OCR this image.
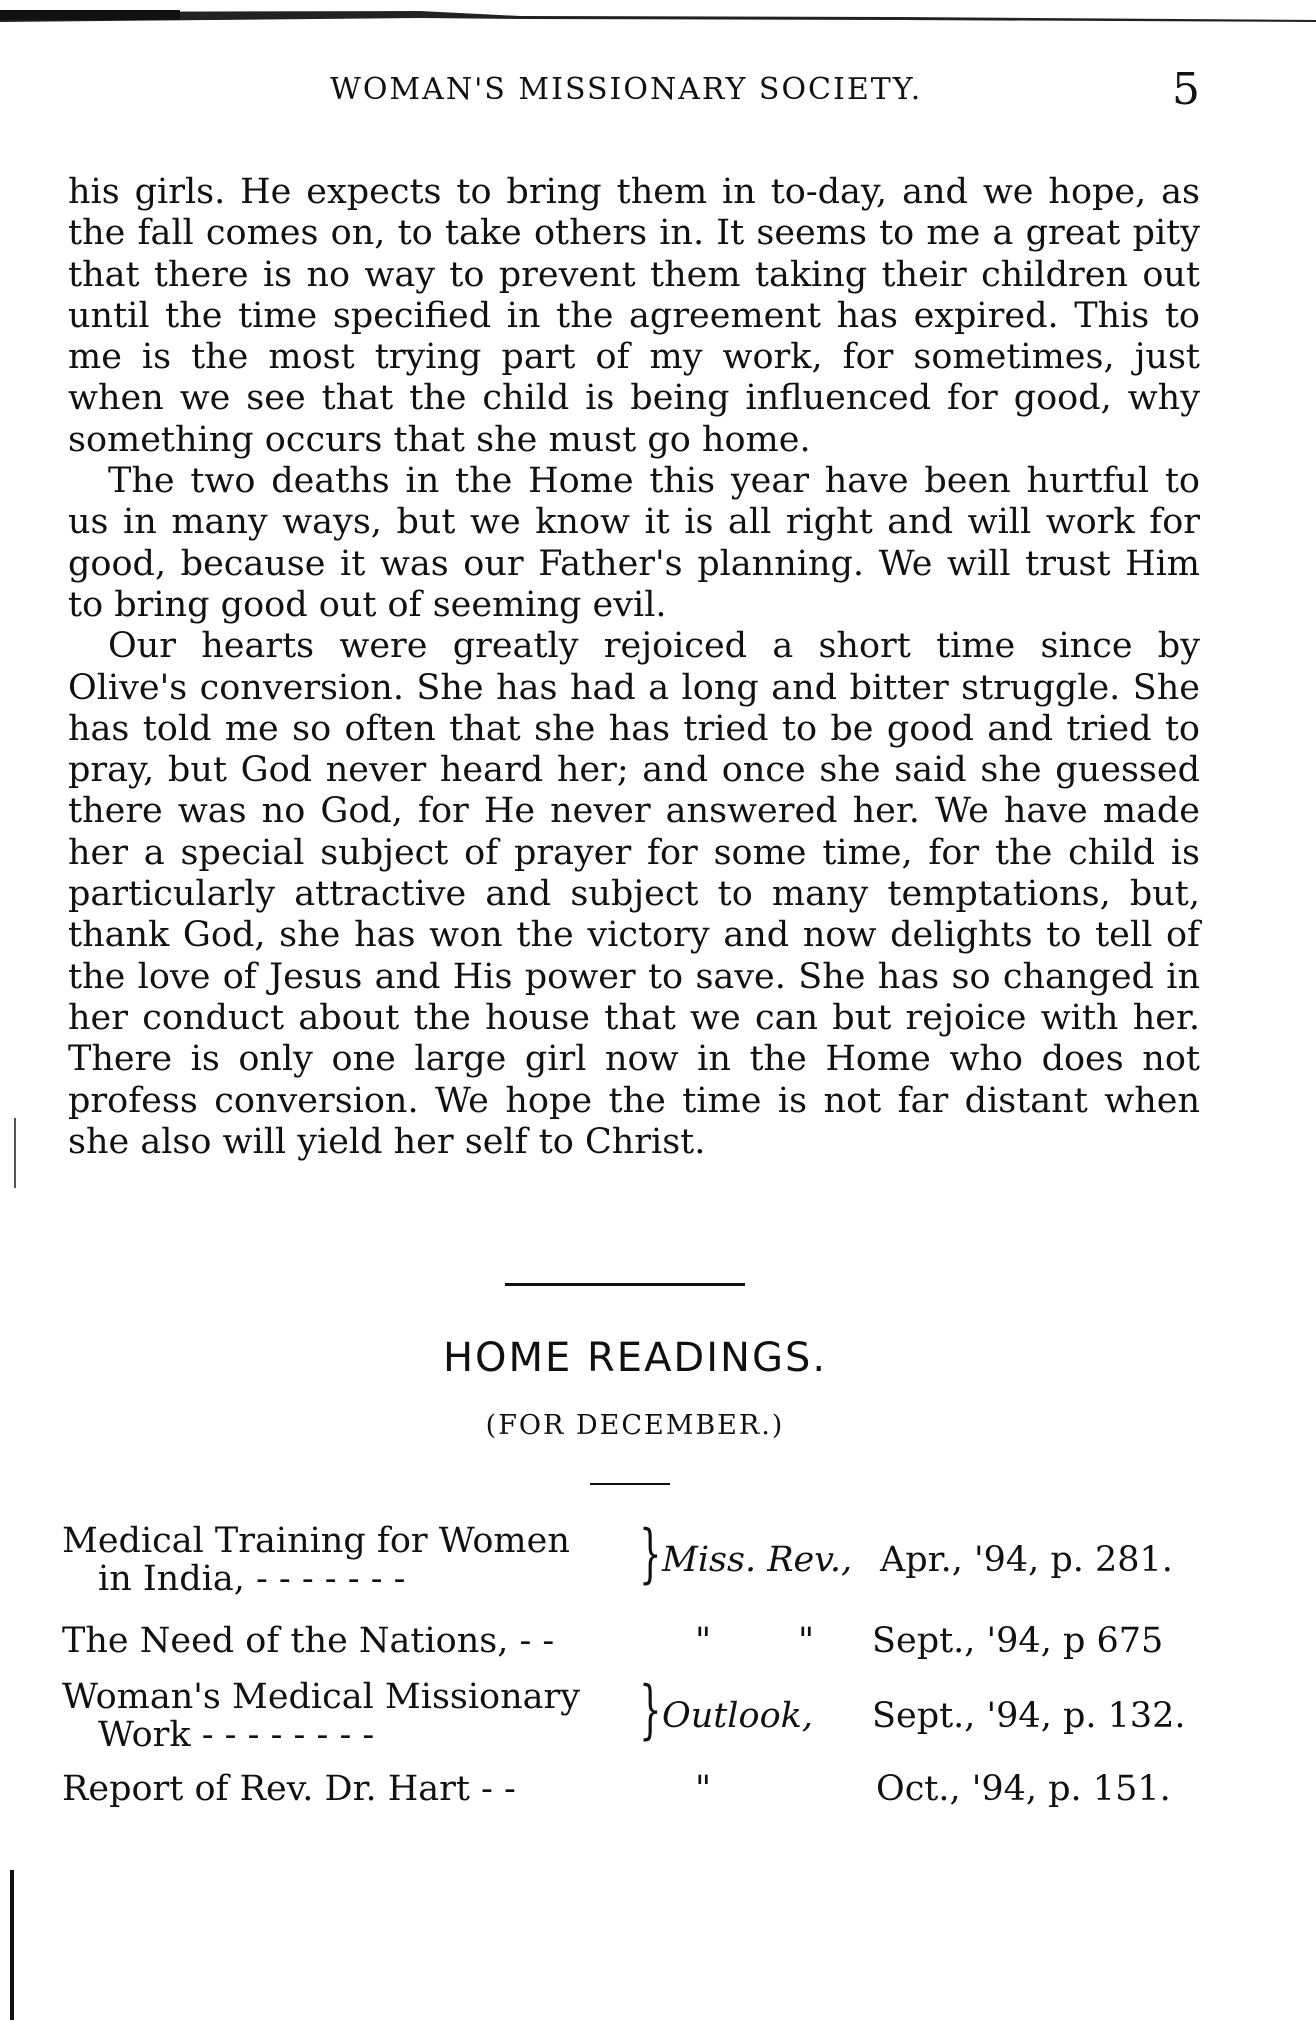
WOMAN'S MISSIONARY SOCIETY.	5

his girls. He expects to bring them in to-day, and we hope, as the fall comes on, to take others in. It seems to me a great pity that there is no way to prevent them taking their children out until the time specified in the agreement has expired. This to me is the most trying part of my work, for sometimes, just when we see that the child is being influenced for good, why something occurs that she must go home.

The two deaths in the Home this year have been hurtful to us in many ways, but we know it is all right and will work for good, because it was our Father's planning. We will trust Him to bring good out of seeming evil.

Our hearts were greatly rejoiced a short time since by Olive's conversion. She has had a long and bitter struggle. She has told me so often that she has tried to be good and tried to pray, but God never heard her; and once she said she guessed there was no God, for He never answered her. We have made her a special subject of prayer for some time, for the child is particularly attractive and subject to many temptations, but, thank God, she has won the victory and now delights to tell of the love of Jesus and His power to save. She has so changed in her conduct about the house that we can but rejoice with her. There is only one large girl now in the Home who does not profess conversion. We hope the time is not far distant when she also will yield her self to Christ.

HOME READINGS.
(FOR DECEMBER.)
Medical Training for Women
in India, - - - - - - -	} Miss. Rev., Apr., '94, p. 281.
The Need of the Nations, - -	" " Sept., '94, p 675
Woman's Medical Missionary
Work - - - - - - - -	} Outlook, Sept., '94, p. 132.
Report of Rev. Dr. Hart - -	"	Oct., '94, p. 151.
